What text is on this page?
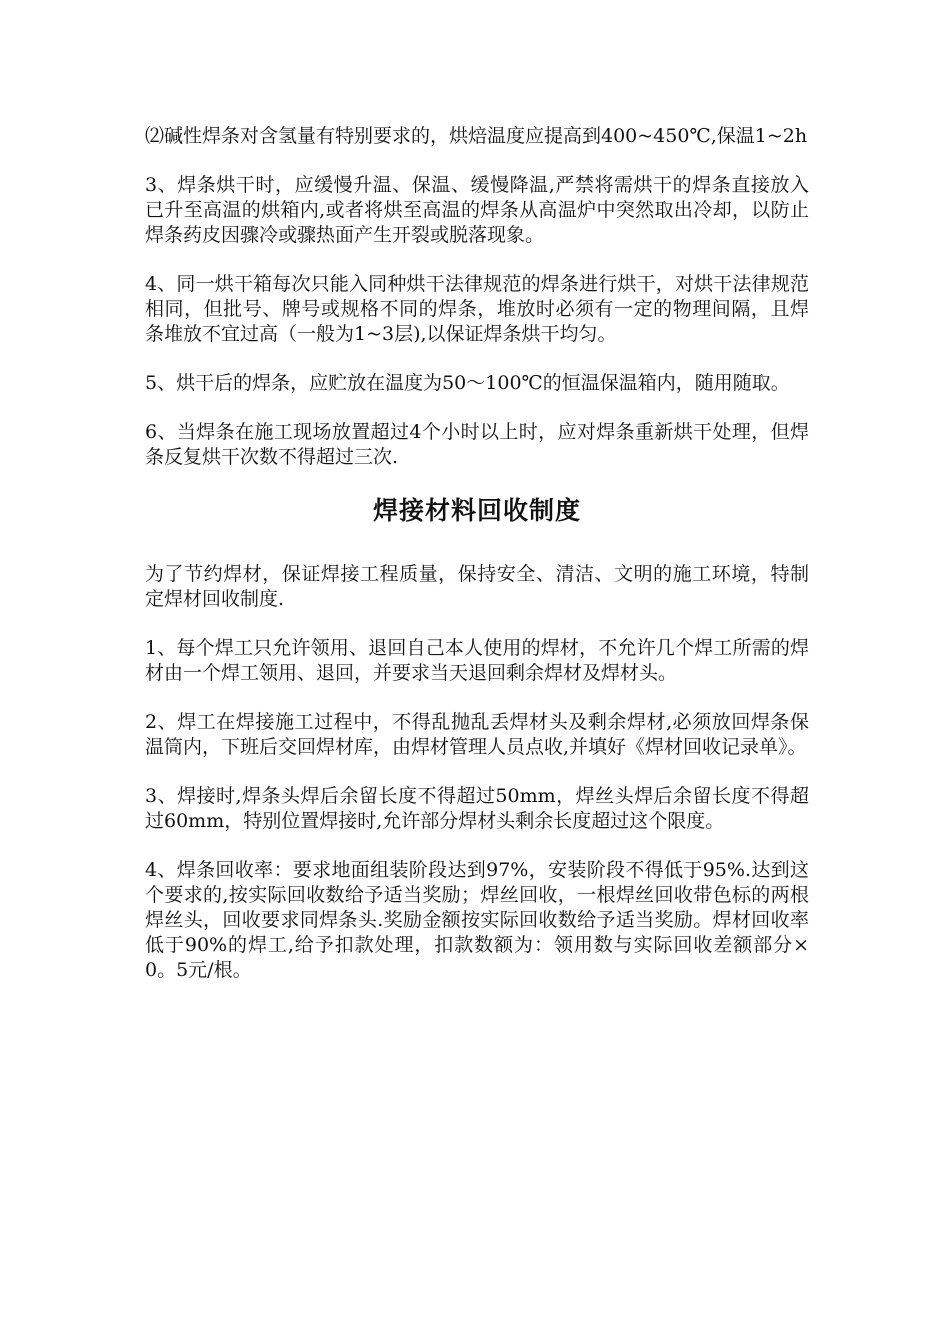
⑵碱性焊条对含氢量有特别要求的，烘焙温度应提高到400~450℃,保温1~2h

3、焊条烘干时，应缓慢升温、保温、缓慢降温,严禁将需烘干的焊条直接放入已升至高温的烘箱内,或者将烘至高温的焊条从高温炉中突然取出冷却，以防止焊条药皮因骤冷或骤热面产生开裂或脱落现象。

4、同一烘干箱每次只能入同种烘干法律规范的焊条进行烘干，对烘干法律规范相同，但批号、牌号或规格不同的焊条，堆放时必须有一定的物理间隔，且焊条堆放不宜过高（一般为1~3层),以保证焊条烘干均匀。

5、烘干后的焊条，应贮放在温度为50～100℃的恒温保温箱内，随用随取。

6、当焊条在施工现场放置超过4个小时以上时，应对焊条重新烘干处理，但焊条反复烘干次数不得超过三次.

焊接材料回收制度

为了节约焊材，保证焊接工程质量，保持安全、清洁、文明的施工环境，特制定焊材回收制度.

1、每个焊工只允许领用、退回自己本人使用的焊材，不允许几个焊工所需的焊材由一个焊工领用、退回，并要求当天退回剩余焊材及焊材头。

2、焊工在焊接施工过程中，不得乱抛乱丢焊材头及剩余焊材,必须放回焊条保温筒内，下班后交回焊材库，由焊材管理人员点收,并填好《焊材回收记录单》。

3、焊接时,焊条头焊后余留长度不得超过50mm，焊丝头焊后余留长度不得超过60mm，特别位置焊接时,允许部分焊材头剩余长度超过这个限度。

4、焊条回收率：要求地面组装阶段达到97%，安装阶段不得低于95%.达到这个要求的,按实际回收数给予适当奖励；焊丝回收，一根焊丝回收带色标的两根焊丝头，回收要求同焊条头.奖励金额按实际回收数给予适当奖励。焊材回收率低于90%的焊工,给予扣款处理，扣款数额为：领用数与实际回收差额部分×0。5元/根。
